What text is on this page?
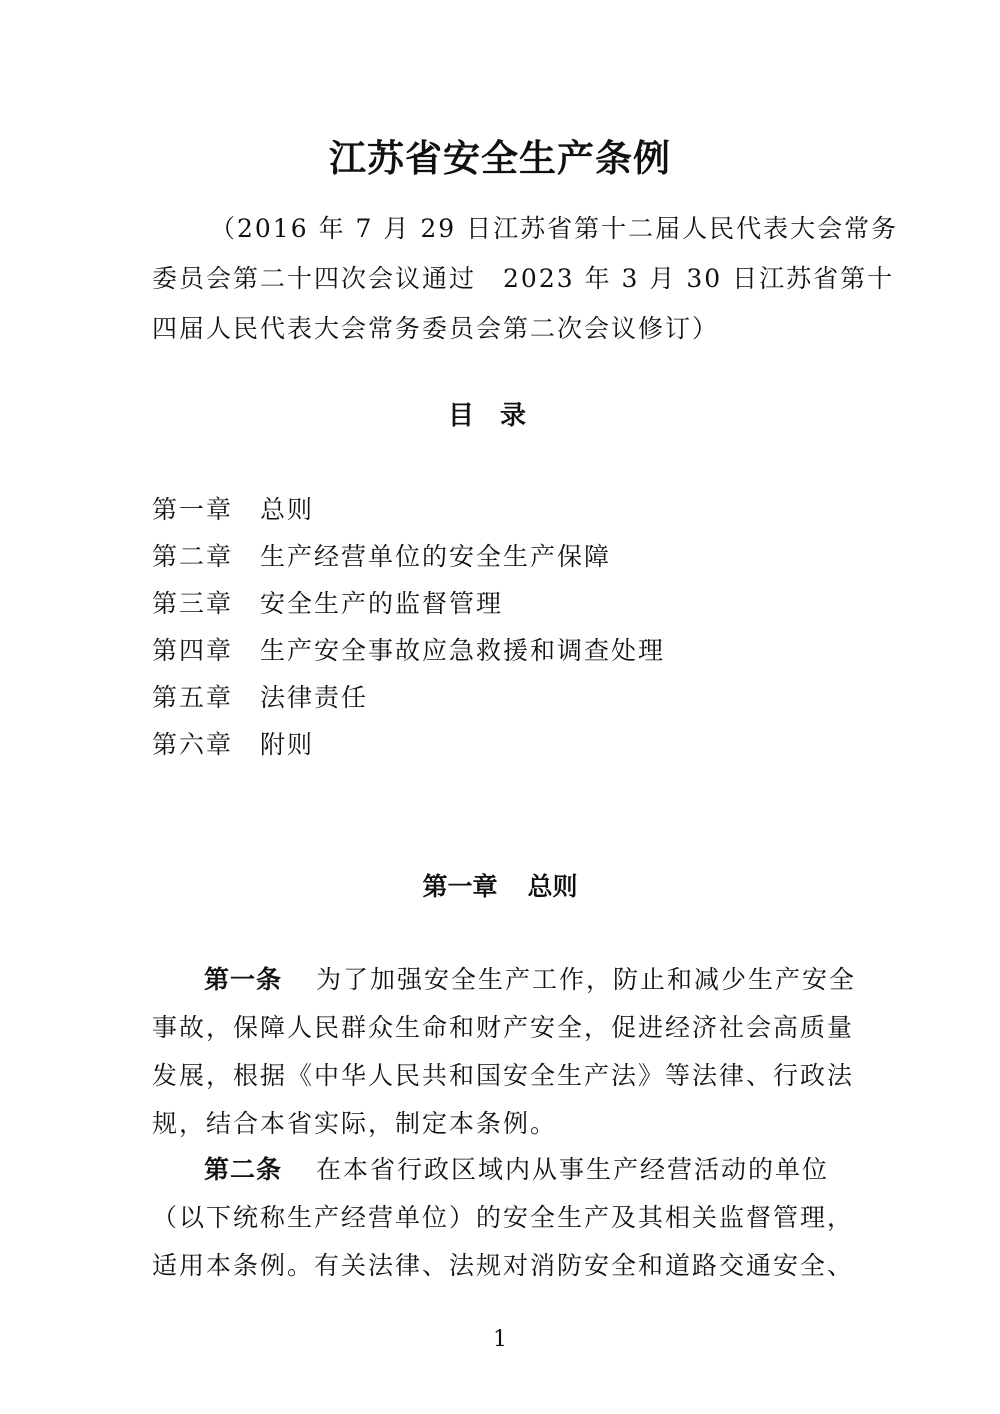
江苏省安全生产条例
（2016 年 7 月 29 日江苏省第十二届人民代表大会常务
委员会第二十四次会议通过　2023 年 3 月 30 日江苏省第十
四届人民代表大会常务委员会第二次会议修订）
目录
第一章 总则
第二章 生产经营单位的安全生产保障
第三章 安全生产的监督管理
第四章 生产安全事故应急救援和调查处理
第五章 法律责任
第六章 附则
第一章 总则
第一条 为了加强安全生产工作，防止和减少生产安全
事故，保障人民群众生命和财产安全，促进经济社会高质量
发展，根据《中华人民共和国安全生产法》等法律、行政法
规，结合本省实际，制定本条例。
第二条 在本省行政区域内从事生产经营活动的单位
（以下统称生产经营单位）的安全生产及其相关监督管理，
适用本条例。有关法律、法规对消防安全和道路交通安全、
1
